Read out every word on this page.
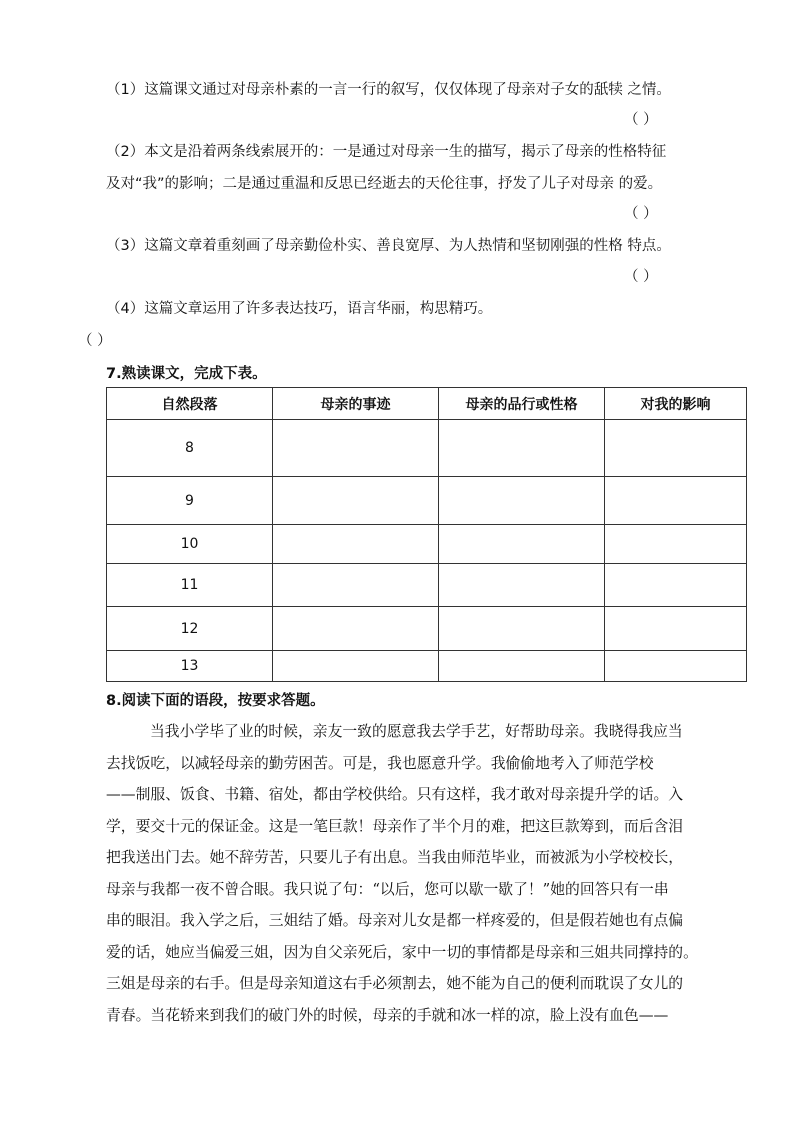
（1）这篇课文通过对母亲朴素的一言一行的叙写，仅仅体现了母亲对子女的舐犊 之情。
（ ）
（2）本文是沿着两条线索展开的：一是通过对母亲一生的描写，揭示了母亲的性格特征
及对“我”的影响；二是通过重温和反思已经逝去的天伦往事，抒发了儿子对母亲 的爱。
（ ）
（3）这篇文章着重刻画了母亲勤俭朴实、善良宽厚、为人热情和坚韧刚强的性格 特点。
（ ）
（4）这篇文章运用了许多表达技巧，语言华丽，构思精巧。
（ ）
7.熟读课文，完成下表。
自然段落	母亲的事迹	母亲的品行或性格	对我的影响
8			
9			
10			
11			
12			
13			
8.阅读下面的语段，按要求答题。

当我小学毕了业的时候，亲友一致的愿意我去学手艺，好帮助母亲。我晓得我应当

去找饭吃，以减轻母亲的勤劳困苦。可是，我也愿意升学。我偷偷地考入了师范学校

——制服、饭食、书籍、宿处，都由学校供给。只有这样，我才敢对母亲提升学的话。入

学，要交十元的保证金。这是一笔巨款！母亲作了半个月的难，把这巨款筹到，而后含泪

把我送出门去。她不辞劳苦，只要儿子有出息。当我由师范毕业，而被派为小学校校长，

母亲与我都一夜不曾合眼。我只说了句：“以后，您可以歇一歇了！”她的回答只有一串

串的眼泪。我入学之后，三姐结了婚。母亲对儿女是都一样疼爱的，但是假若她也有点偏

爱的话，她应当偏爱三姐，因为自父亲死后，家中一切的事情都是母亲和三姐共同撑持的。

三姐是母亲的右手。但是母亲知道这右手必须割去，她不能为自己的便利而耽误了女儿的

青春。当花轿来到我们的破门外的时候，母亲的手就和冰一样的凉，脸上没有血色——
